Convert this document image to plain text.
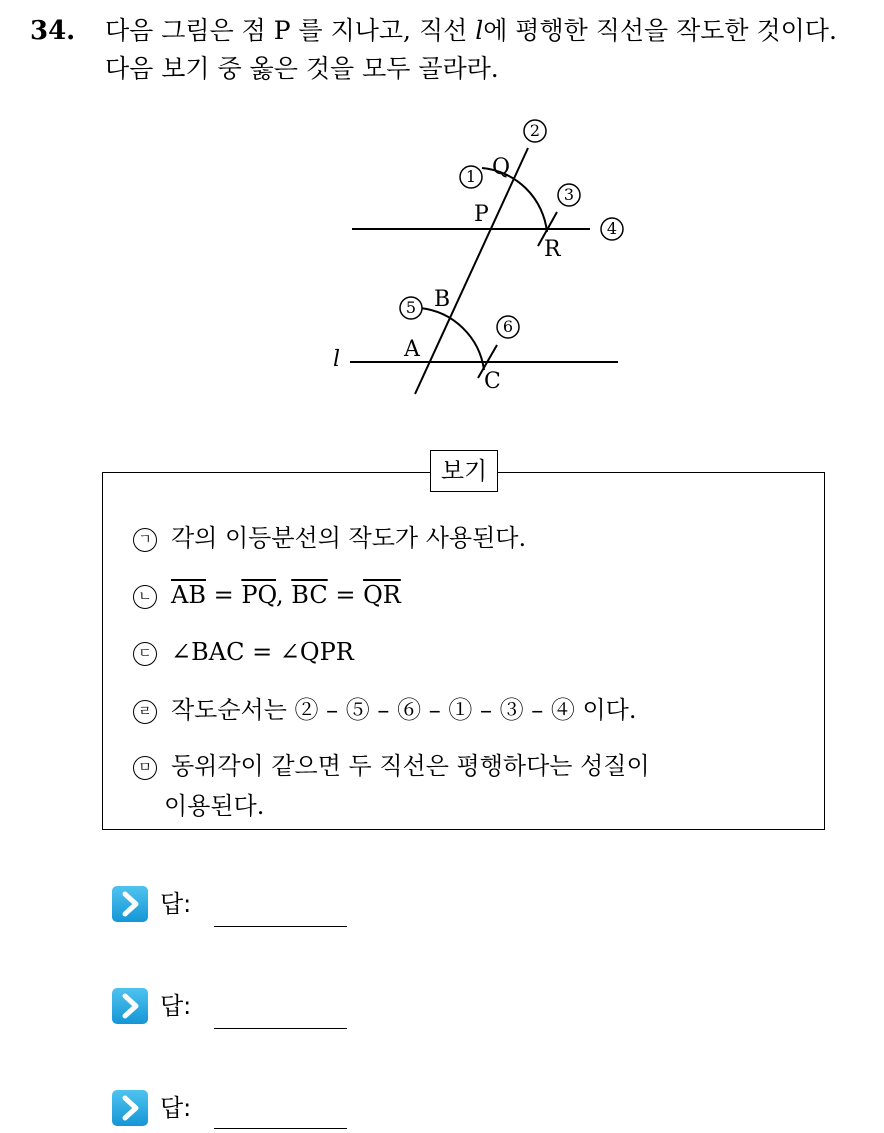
34. 다음 그림은 점 P 를 지나고, 직선 l에 평행한 직선을 작도한 것이다.
다음 보기 중 옳은 것을 모두 골라라.
Q
P
R
B
A
C
l
1
2
3
4
5
6
보기
ㄱ 각의 이등분선의 작도가 사용된다.
ㄴ $\overline{AB} = \overline{PQ}$, $\overline{BC} = \overline{QR}$
ㄷ ∠BAC = ∠QPR
ㄹ 작도순서는 ② – ⑤ – ⑥ – ① – ③ – ④ 이다.
ㅁ 동위각이 같으면 두 직선은 평행하다는 성질이
이용된다.
답:
답:
답:
